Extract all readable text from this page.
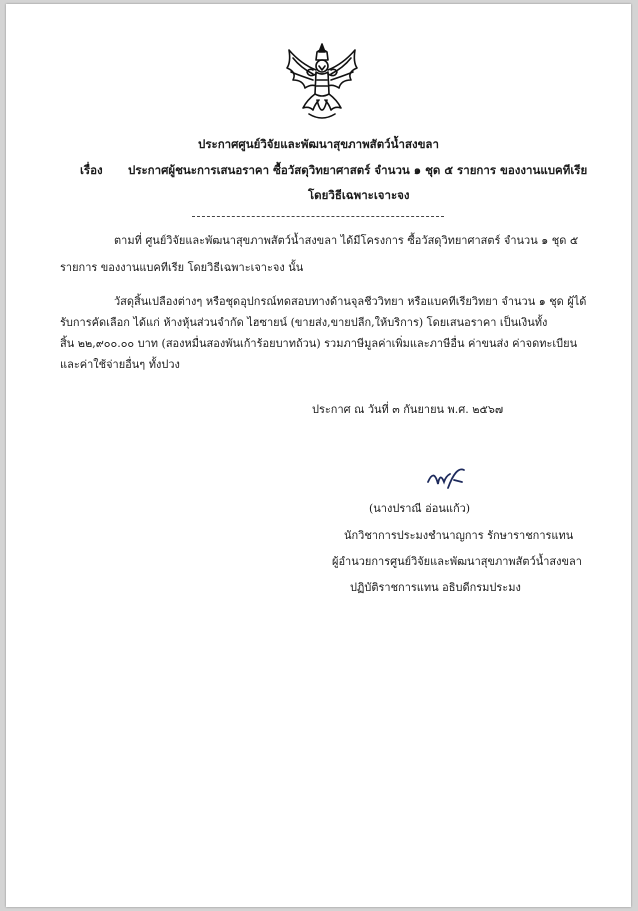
ประกาศศูนย์วิจัยและพัฒนาสุขภาพสัตว์น้ำสงขลา
เรื่อง ประกาศผู้ชนะการเสนอราคา ซื้อวัสดุวิทยาศาสตร์ จำนวน ๑ ชุด ๕ รายการ ของงานแบคทีเรีย
โดยวิธีเฉพาะเจาะจง
ตามที่ ศูนย์วิจัยและพัฒนาสุขภาพสัตว์น้ำสงขลา ได้มีโครงการ ซื้อวัสดุวิทยาศาสตร์ จำนวน ๑ ชุด ๕
รายการ ของงานแบคทีเรีย โดยวิธีเฉพาะเจาะจง นั้น
วัสดุสิ้นเปลืองต่างๆ หรือชุดอุปกรณ์ทดสอบทางด้านจุลชีววิทยา หรือแบคทีเรียวิทยา จำนวน ๑ ชุด ผู้ได้
รับการคัดเลือก ได้แก่ ห้างหุ้นส่วนจำกัด ไฮซายน์ (ขายส่ง,ขายปลีก,ให้บริการ) โดยเสนอราคา เป็นเงินทั้ง
สิ้น ๒๒,๙๐๐.๐๐ บาท (สองหมื่นสองพันเก้าร้อยบาทถ้วน) รวมภาษีมูลค่าเพิ่มและภาษีอื่น ค่าขนส่ง ค่าจดทะเบียน
และค่าใช้จ่ายอื่นๆ ทั้งปวง
ประกาศ ณ วันที่ ๓ กันยายน พ.ศ. ๒๕๖๗
(นางปราณี อ่อนแก้ว)
นักวิชาการประมงชำนาญการ รักษาราชการแทน
ผู้อำนวยการศูนย์วิจัยและพัฒนาสุขภาพสัตว์น้ำสงขลา
ปฏิบัติราชการแทน อธิบดีกรมประมง
